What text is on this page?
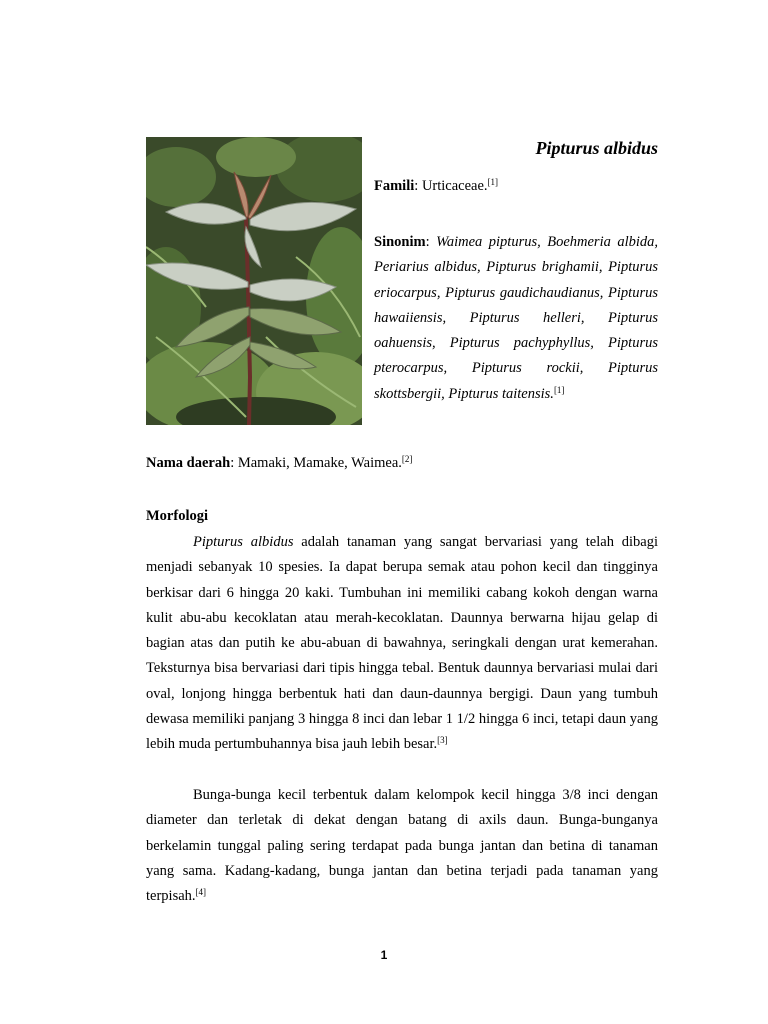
Pipturus albidus
Famili: Urticaceae.[1]
Sinonim: Waimea pipturus, Boehmeria albida, Periarius albidus, Pipturus brighamii, Pipturus eriocarpus, Pipturus gaudichaudianus, Pipturus hawaiiensis, Pipturus helleri, Pipturus oahuensis, Pipturus pachyphyllus, Pipturus pterocarpus, Pipturus rockii, Pipturus skottsbergii, Pipturus taitensis.[1]
Nama daerah: Mamaki, Mamake, Waimea.[2]
Morfologi
Pipturus albidus adalah tanaman yang sangat bervariasi yang telah dibagi menjadi sebanyak 10 spesies. Ia dapat berupa semak atau pohon kecil dan tingginya berkisar dari 6 hingga 20 kaki. Tumbuhan ini memiliki cabang kokoh dengan warna kulit abu-abu kecoklatan atau merah-kecoklatan. Daunnya berwarna hijau gelap di bagian atas dan putih ke abu-abuan di bawahnya, seringkali dengan urat kemerahan. Teksturnya bisa bervariasi dari tipis hingga tebal. Bentuk daunnya bervariasi mulai dari oval, lonjong hingga berbentuk hati dan daun-daunnya bergigi. Daun yang tumbuh dewasa memiliki panjang 3 hingga 8 inci dan lebar 1 1/2 hingga 6 inci, tetapi daun yang lebih muda pertumbuhannya bisa jauh lebih besar.[3]
Bunga-bunga kecil terbentuk dalam kelompok kecil hingga 3/8 inci dengan diameter dan terletak di dekat dengan batang di axils daun. Bunga-bunganya berkelamin tunggal paling sering terdapat pada bunga jantan dan betina di tanaman yang sama. Kadang-kadang, bunga jantan dan betina terjadi pada tanaman yang terpisah.[4]
1
